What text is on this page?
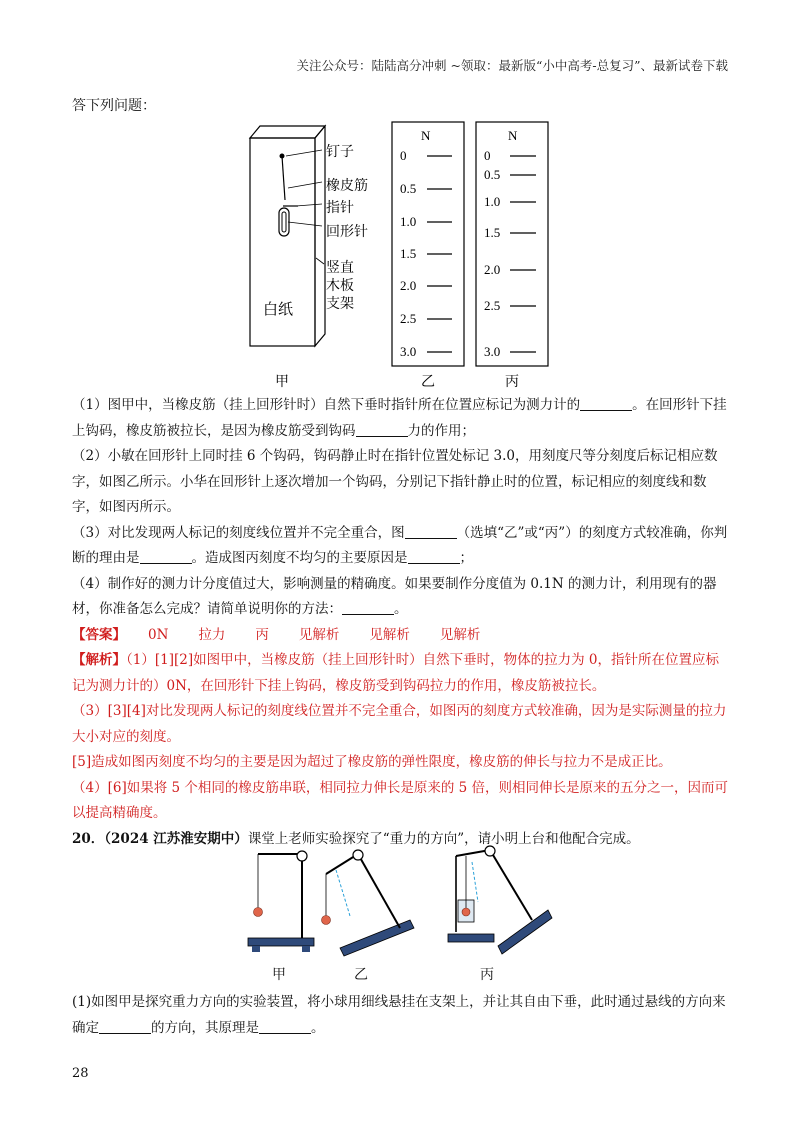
关注公众号：陆陆高分冲刺 ~领取：最新版“小中高考-总复习”、最新试卷下载
答下列问题：
钉子
橡皮筋
指针
回形针
竖直
木板
支架
白纸
N
0
0.5
1.0
1.5
2.0
2.5
3.0
N
0
0.5
1.0
1.5
2.0
2.5
3.0
甲	乙	丙

（1）图甲中，当橡皮筋（挂上回形针时）自然下垂时指针所在位置应标记为测力计的	。在回形针下挂上钩码，橡皮筋被拉长，是因为橡皮筋受到钩码	力的作用；

（2）小敏在回形针上同时挂 6 个钩码，钩码静止时在指针位置处标记 3.0，用刻度尺等分刻度后标记相应数字，如图乙所示。小华在回形针上逐次增加一个钩码，分别记下指针静止时的位置，标记相应的刻度线和数字，如图丙所示。

（3）对比发现两人标记的刻度线位置并不完全重合，图	（选填“乙”或“丙”）的刻度方式较准确，你判断的理由是	。造成图丙刻度不均匀的主要原因是	；

（4）制作好的测力计分度值过大，影响测量的精确度。如果要制作分度值为 0.1N 的测力计，利用现有的器材，你准备怎么完成？请简单说明你的方法：	。

【答案】 0N 拉力 丙 见解析 见解析 见解析

【解析】（1）[1][2]如图甲中，当橡皮筋（挂上回形针时）自然下垂时，物体的拉力为 0，指针所在位置应标记为测力计的）0N，在回形针下挂上钩码，橡皮筋受到钩码拉力的作用，橡皮筋被拉长。

（3）[3][4]对比发现两人标记的刻度线位置并不完全重合，如图丙的刻度方式较准确，因为是实际测量的拉力大小对应的刻度。

[5]造成如图丙刻度不均匀的主要是因为超过了橡皮筋的弹性限度，橡皮筋的伸长与拉力不是成正比。

（4）[6]如果将 5 个相同的橡皮筋串联，相同拉力伸长是原来的 5 倍，则相同伸长是原来的五分之一，因而可以提高精确度。

20．（2024 江苏淮安期中）课堂上老师实验探究了“重力的方向”，请小明上台和他配合完成。

甲	乙	丙

(1)如图甲是探究重力方向的实验装置，将小球用细线悬挂在支架上，并让其自由下垂，此时通过悬线的方向来确定	的方向，其原理是	。

28
